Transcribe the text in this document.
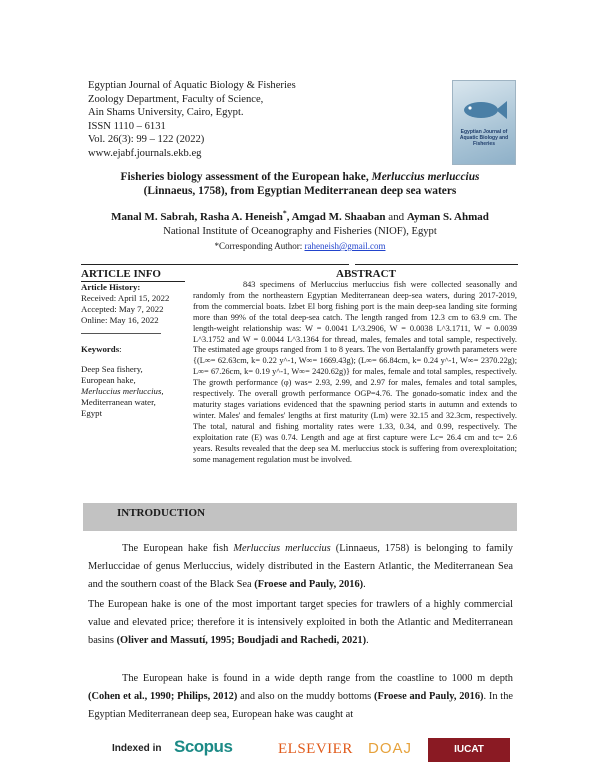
Egyptian Journal of Aquatic Biology & Fisheries
Zoology Department, Faculty of Science,
Ain Shams University, Cairo, Egypt.
ISSN 1110 – 6131
Vol. 26(3): 99 – 122 (2022)
www.ejabf.journals.ekb.eg
Egyptian Journal of Aquatic Biology and Fisheries
Fisheries biology assessment of the European hake, Merluccius merluccius
(Linnaeus, 1758), from Egyptian Mediterranean deep sea waters
Manal M. Sabrah, Rasha A. Heneish*, Amgad M. Shaaban and Ayman S. Ahmad
National Institute of Oceanography and Fisheries (NIOF), Egypt
*Corresponding Author: raheneish@gmail.com
ARTICLE INFO	ABSTRACT
Article History:
Received: April 15, 2022
Accepted: May 7, 2022
Online: May 16, 2022
Keywords:
Deep Sea fishery,
European hake,
Merluccius merluccius,
Mediterranean water,
Egypt

843 specimens of Merluccius merluccius fish were collected seasonally and randomly from the northeastern Egyptian Mediterranean deep-sea waters, during 2017-2019, from the commercial boats. Izbet El borg fishing port is the main deep-sea landing site forming more than 99% of the total deep-sea catch. The length ranged from 12.3 cm to 63.9 cm. The length-weight relationship was: W = 0.0041 L^3.2906, W = 0.0038 L^3.1711, W = 0.0039 L^3.1752 and W = 0.0044 L^3.1364 for thread, males, females and total sample, respectively. The estimated age groups ranged from 1 to 8 years. The von Bertalanffy growth parameters were {(L∞= 62.63cm, k= 0.22 y^-1, W∞= 1669.43g); (L∞= 66.84cm, k= 0.24 y^-1, W∞= 2370.22g); L∞= 67.26cm, k= 0.19 y^-1, W∞= 2420.62g)} for males, female and total samples, respectively. The growth performance (φ) was= 2.93, 2.99, and 2.97 for males, females and total samples, respectively. The overall growth performance OGP=4.76. The gonado-somatic index and the maturity stages variations evidenced that the spawning period starts in autumn and extends to winter. Males' and females' lengths at first maturity (Lm) were 32.15 and 32.3cm, respectively. The total, natural and fishing mortality rates were 1.33, 0.34, and 0.99, respectively. The exploitation rate (E) was 0.74. Length and age at first capture were Lc= 26.4 cm and tc= 2.6 years. Results revealed that the deep sea M. merluccius stock is suffering from overexploitation; some management regulation must be involved.

INTRODUCTION

The European hake fish Merluccius merluccius (Linnaeus, 1758) is belonging to family Merluccidae of genus Merluccius, widely distributed in the Eastern Atlantic, the Mediterranean Sea and the southern coast of the Black Sea (Froese and Pauly, 2016).

The European hake is one of the most important target species for trawlers of a highly commercial value and elevated price; therefore it is intensively exploited in both the Atlantic and Mediterranean basins (Oliver and Massutí, 1995; Boudjadi and Rachedi, 2021).

The European hake is found in a wide depth range from the coastline to 1000 m depth (Cohen et al., 1990; Philips, 2012) and also on the muddy bottoms (Froese and Pauly, 2016). In the Egyptian Mediterranean deep sea, European hake was caught at

Indexed in Scopus	ELSEVIER DOAJ	IUCAT
